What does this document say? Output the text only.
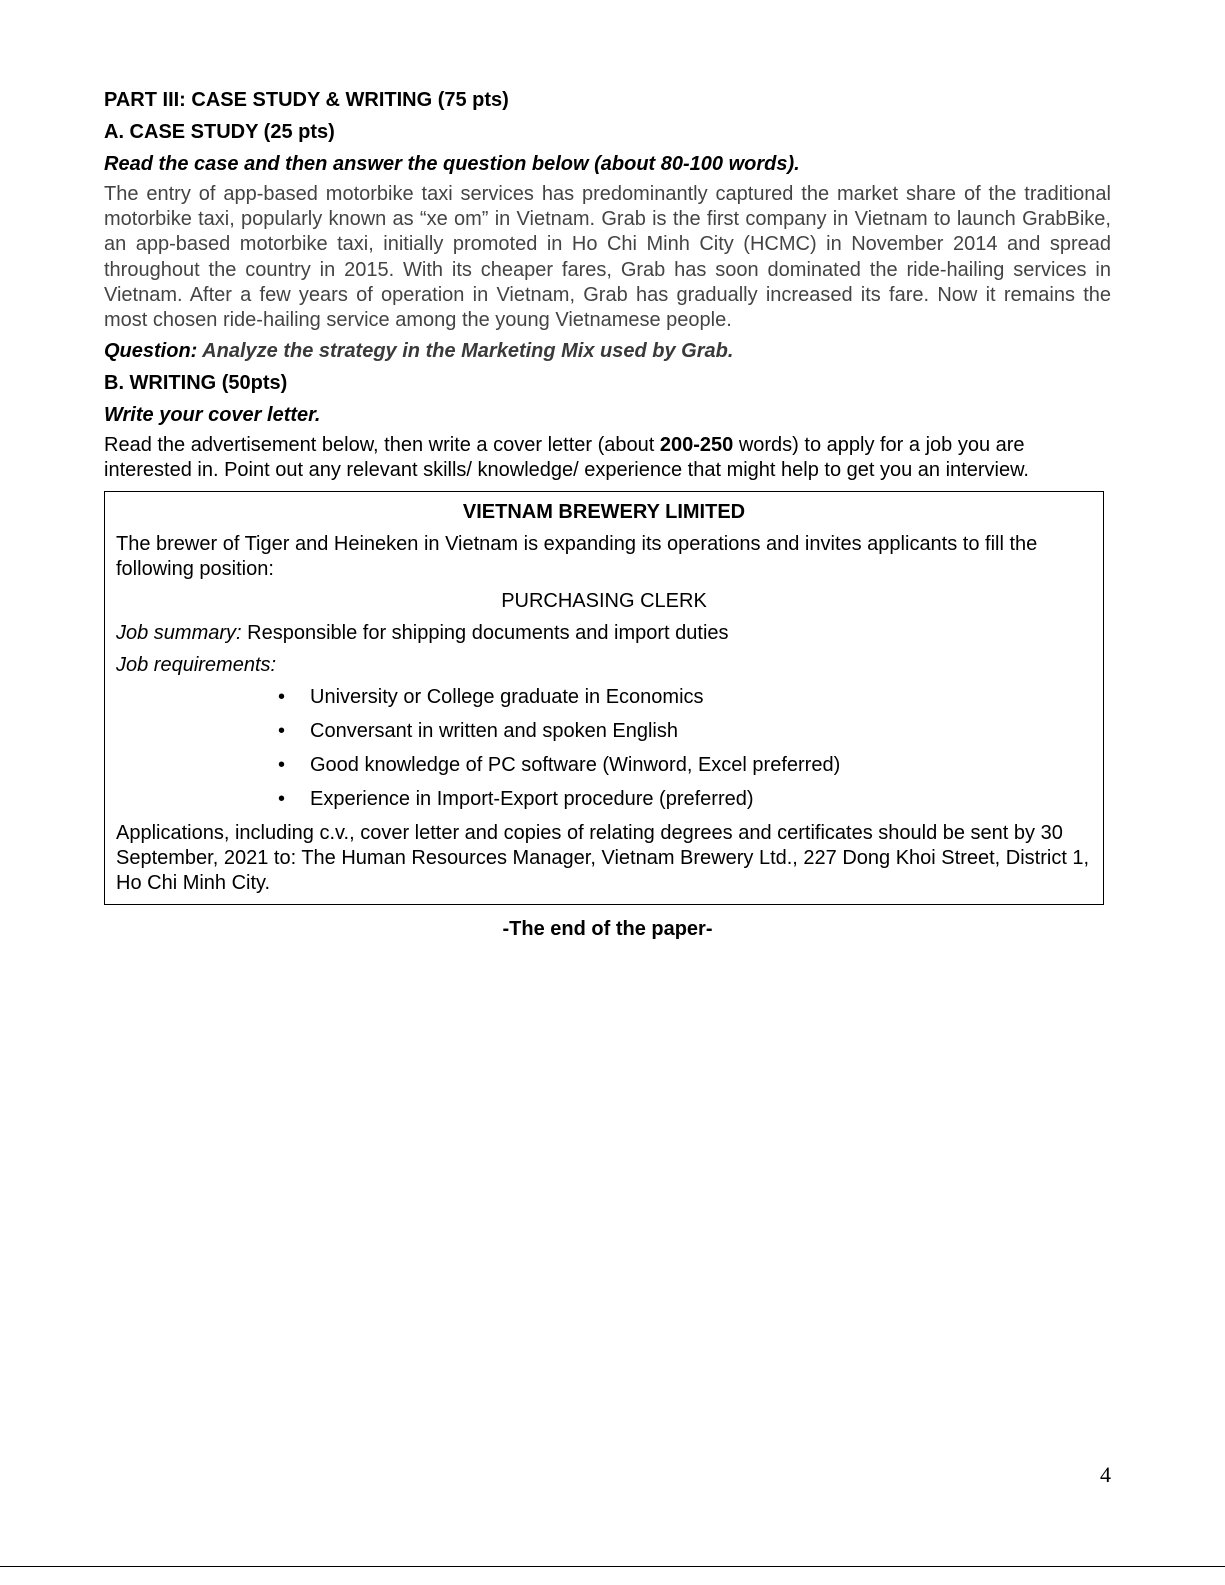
PART III: CASE STUDY & WRITING (75 pts)

A. CASE STUDY (25 pts)

Read the case and then answer the question below (about 80-100 words).

The entry of app-based motorbike taxi services has predominantly captured the market share of the traditional motorbike taxi, popularly known as “xe om” in Vietnam. Grab is the first company in Vietnam to launch GrabBike, an app-based motorbike taxi, initially promoted in Ho Chi Minh City (HCMC) in November 2014 and spread throughout the country in 2015. With its cheaper fares, Grab has soon dominated the ride-hailing services in Vietnam. After a few years of operation in Vietnam, Grab has gradually increased its fare. Now it remains the most chosen ride-hailing service among the young Vietnamese people.

Question: Analyze the strategy in the Marketing Mix used by Grab.

B. WRITING (50pts)

Write your cover letter.

Read the advertisement below, then write a cover letter (about 200-250 words) to apply for a job you are interested in. Point out any relevant skills/ knowledge/ experience that might help to get you an interview.

VIETNAM BREWERY LIMITED

The brewer of Tiger and Heineken in Vietnam is expanding its operations and invites applicants to fill the following position:

PURCHASING CLERK

Job summary: Responsible for shipping documents and import duties

Job requirements:

• University or College graduate in Economics
• Conversant in written and spoken English
• Good knowledge of PC software (Winword, Excel preferred)
• Experience in Import-Export procedure (preferred)

Applications, including c.v., cover letter and copies of relating degrees and certificates should be sent by 30 September, 2021 to: The Human Resources Manager, Vietnam Brewery Ltd., 227 Dong Khoi Street, District 1, Ho Chi Minh City.

-The end of the paper-

4
